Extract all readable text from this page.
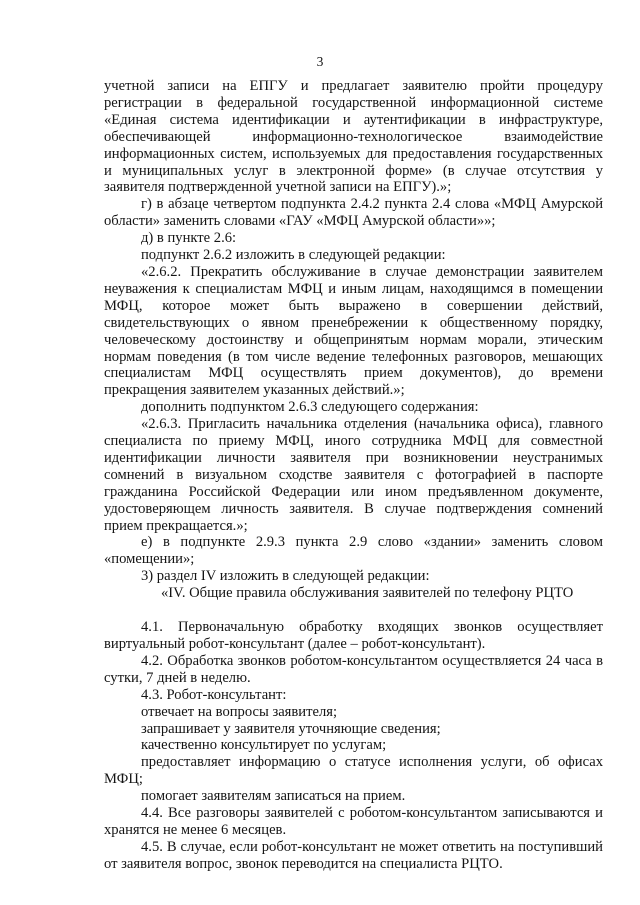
3

учетной записи на ЕПГУ и предлагает заявителю пройти процедуру регистрации в федеральной государственной информационной системе «Единая система идентификации и аутентификации в инфраструктуре, обеспечивающей информационно-технологическое взаимодействие информационных систем, используемых для предоставления государственных и муниципальных услуг в электронной форме» (в случае отсутствия у заявителя подтвержденной учетной записи на ЕПГУ).»;

г) в абзаце четвертом подпункта 2.4.2 пункта 2.4 слова «МФЦ Амурской области» заменить словами «ГАУ «МФЦ Амурской области»»;

д) в пункте 2.6:

подпункт 2.6.2 изложить в следующей редакции:

«2.6.2. Прекратить обслуживание в случае демонстрации заявителем неуважения к специалистам МФЦ и иным лицам, находящимся в помещении МФЦ, которое может быть выражено в совершении действий, свидетельствующих о явном пренебрежении к общественному порядку, человеческому достоинству и общепринятым нормам морали, этическим нормам поведения (в том числе ведение телефонных разговоров, мешающих специалистам МФЦ осуществлять прием документов), до времени прекращения заявителем указанных действий.»;

дополнить подпунктом 2.6.3 следующего содержания:

«2.6.3. Пригласить начальника отделения (начальника офиса), главного специалиста по приему МФЦ, иного сотрудника МФЦ для совместной идентификации личности заявителя при возникновении неустранимых сомнений в визуальном сходстве заявителя с фотографией в паспорте гражданина Российской Федерации или ином предъявленном документе, удостоверяющем личность заявителя. В случае подтверждения сомнений прием прекращается.»;

е) в подпункте 2.9.3 пункта 2.9 слово «здании» заменить словом «помещении»;

3) раздел IV изложить в следующей редакции:

«IV. Общие правила обслуживания заявителей по телефону РЦТО

4.1. Первоначальную обработку входящих звонков осуществляет виртуальный робот-консультант (далее – робот-консультант).

4.2. Обработка звонков роботом-консультантом осуществляется 24 часа в сутки, 7 дней в неделю.

4.3. Робот-консультант:

отвечает на вопросы заявителя;

запрашивает у заявителя уточняющие сведения;

качественно консультирует по услугам;

предоставляет информацию о статусе исполнения услуги, об офисах МФЦ;

помогает заявителям записаться на прием.

4.4. Все разговоры заявителей с роботом-консультантом записываются и хранятся не менее 6 месяцев.

4.5. В случае, если робот-консультант не может ответить на поступивший от заявителя вопрос, звонок переводится на специалиста РЦТО.
